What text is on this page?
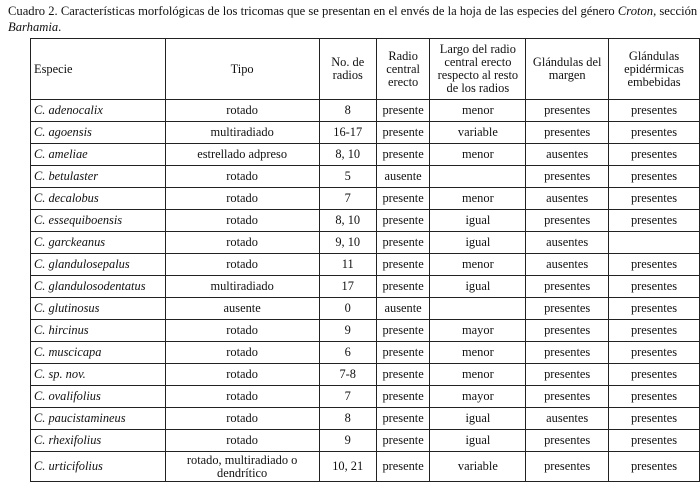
Cuadro 2. Características morfológicas de los tricomas que se presentan en el envés de la hoja de las especies del género Croton, sección Barhamia.
Especie	Tipo	No. de radios	Radio central erecto	Largo del radio central erecto respecto al resto de los radios	Glándulas del margen	Glándulas epidérmicas embebidas
C. adenocalix	rotado	8	presente	menor	presentes	presentes
C. agoensis	multiradiado	16-17	presente	variable	presentes	presentes
C. ameliae	estrellado adpreso	8, 10	presente	menor	ausentes	presentes
C. betulaster	rotado	5	ausente		presentes	presentes
C. decalobus	rotado	7	presente	menor	ausentes	presentes
C. essequiboensis	rotado	8, 10	presente	igual	presentes	presentes
C. garckeanus	rotado	9, 10	presente	igual	ausentes	
C. glandulosepalus	rotado	11	presente	menor	ausentes	presentes
C. glandulosodentatus	multiradiado	17	presente	igual	presentes	presentes
C. glutinosus	ausente	0	ausente		presentes	presentes
C. hircinus	rotado	9	presente	mayor	presentes	presentes
C. muscicapa	rotado	6	presente	menor	presentes	presentes
C. sp. nov.	rotado	7-8	presente	menor	presentes	presentes
C. ovalifolius	rotado	7	presente	mayor	presentes	presentes
C. paucistamineus	rotado	8	presente	igual	ausentes	presentes
C. rhexifolius	rotado	9	presente	igual	presentes	presentes
C. urticifolius	rotado, multiradiado o dendrítico	10, 21	presente	variable	presentes	presentes
